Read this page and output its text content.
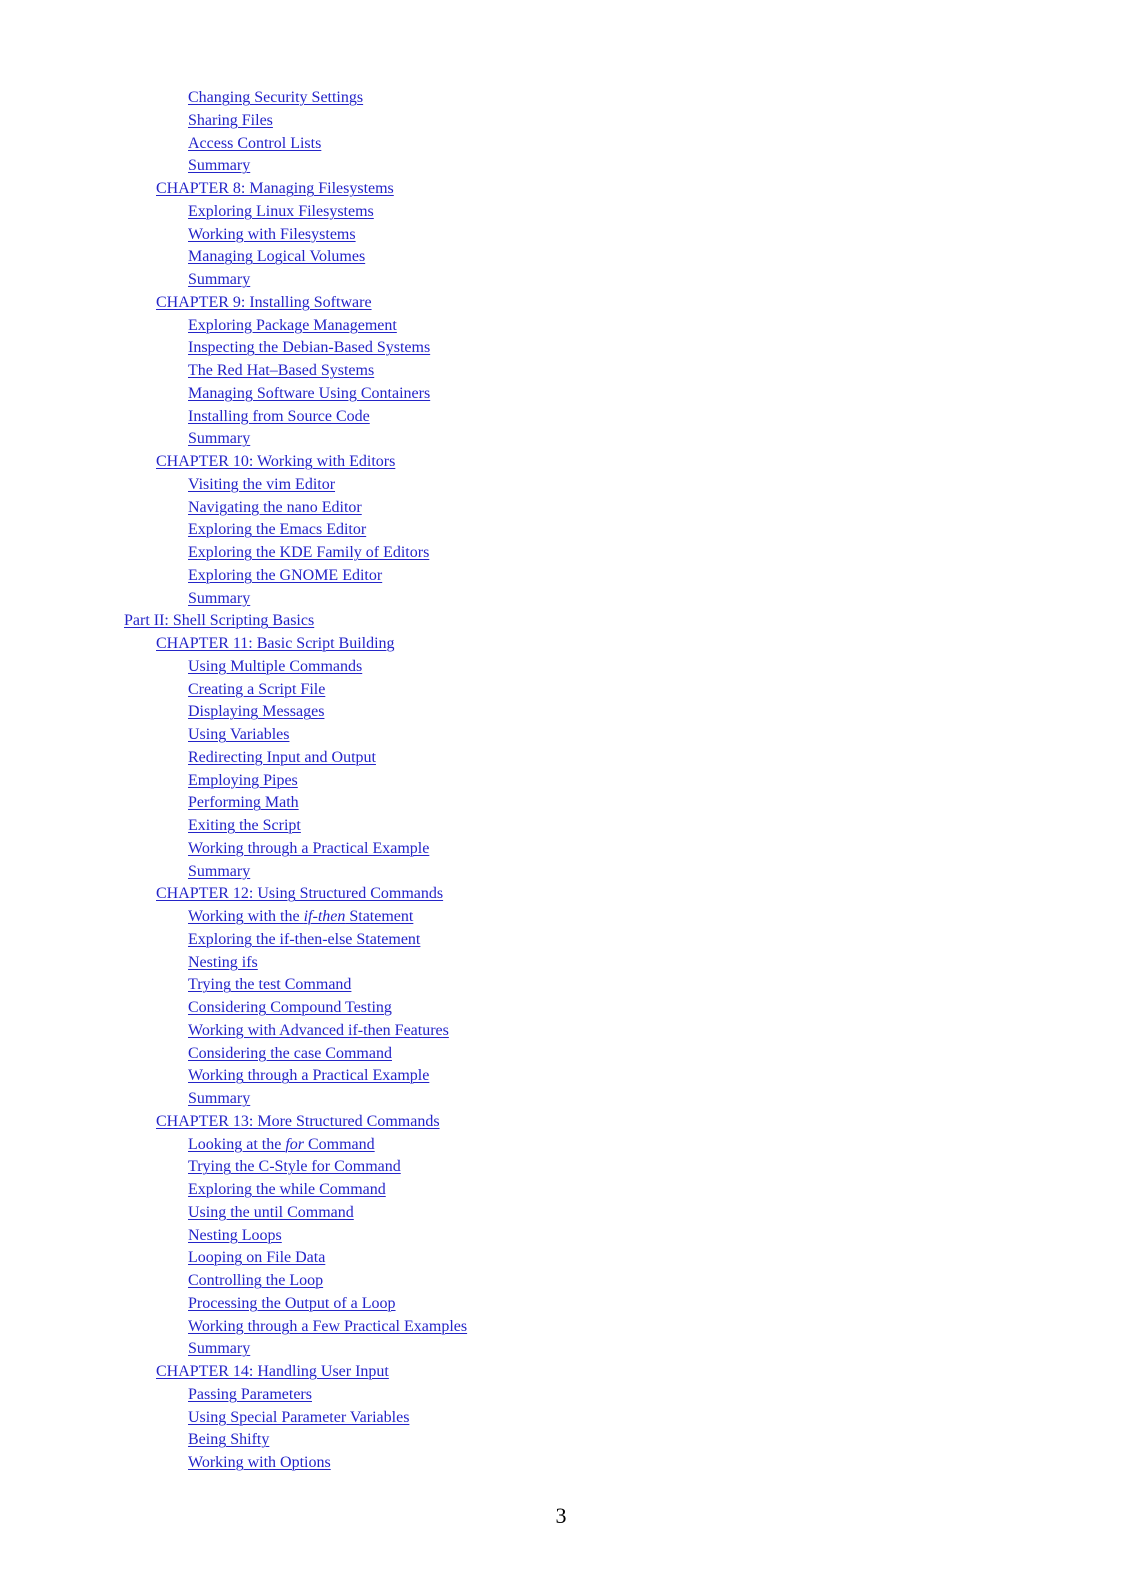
Changing Security Settings
Sharing Files
Access Control Lists
Summary
CHAPTER 8: Managing Filesystems
Exploring Linux Filesystems
Working with Filesystems
Managing Logical Volumes
Summary
CHAPTER 9: Installing Software
Exploring Package Management
Inspecting the Debian-Based Systems
The Red Hat–Based Systems
Managing Software Using Containers
Installing from Source Code
Summary
CHAPTER 10: Working with Editors
Visiting the vim Editor
Navigating the nano Editor
Exploring the Emacs Editor
Exploring the KDE Family of Editors
Exploring the GNOME Editor
Summary
Part II: Shell Scripting Basics
CHAPTER 11: Basic Script Building
Using Multiple Commands
Creating a Script File
Displaying Messages
Using Variables
Redirecting Input and Output
Employing Pipes
Performing Math
Exiting the Script
Working through a Practical Example
Summary
CHAPTER 12: Using Structured Commands
Working with the if-then Statement
Exploring the if-then-else Statement
Nesting ifs
Trying the test Command
Considering Compound Testing
Working with Advanced if-then Features
Considering the case Command
Working through a Practical Example
Summary
CHAPTER 13: More Structured Commands
Looking at the for Command
Trying the C-Style for Command
Exploring the while Command
Using the until Command
Nesting Loops
Looping on File Data
Controlling the Loop
Processing the Output of a Loop
Working through a Few Practical Examples
Summary
CHAPTER 14: Handling User Input
Passing Parameters
Using Special Parameter Variables
Being Shifty
Working with Options
3
